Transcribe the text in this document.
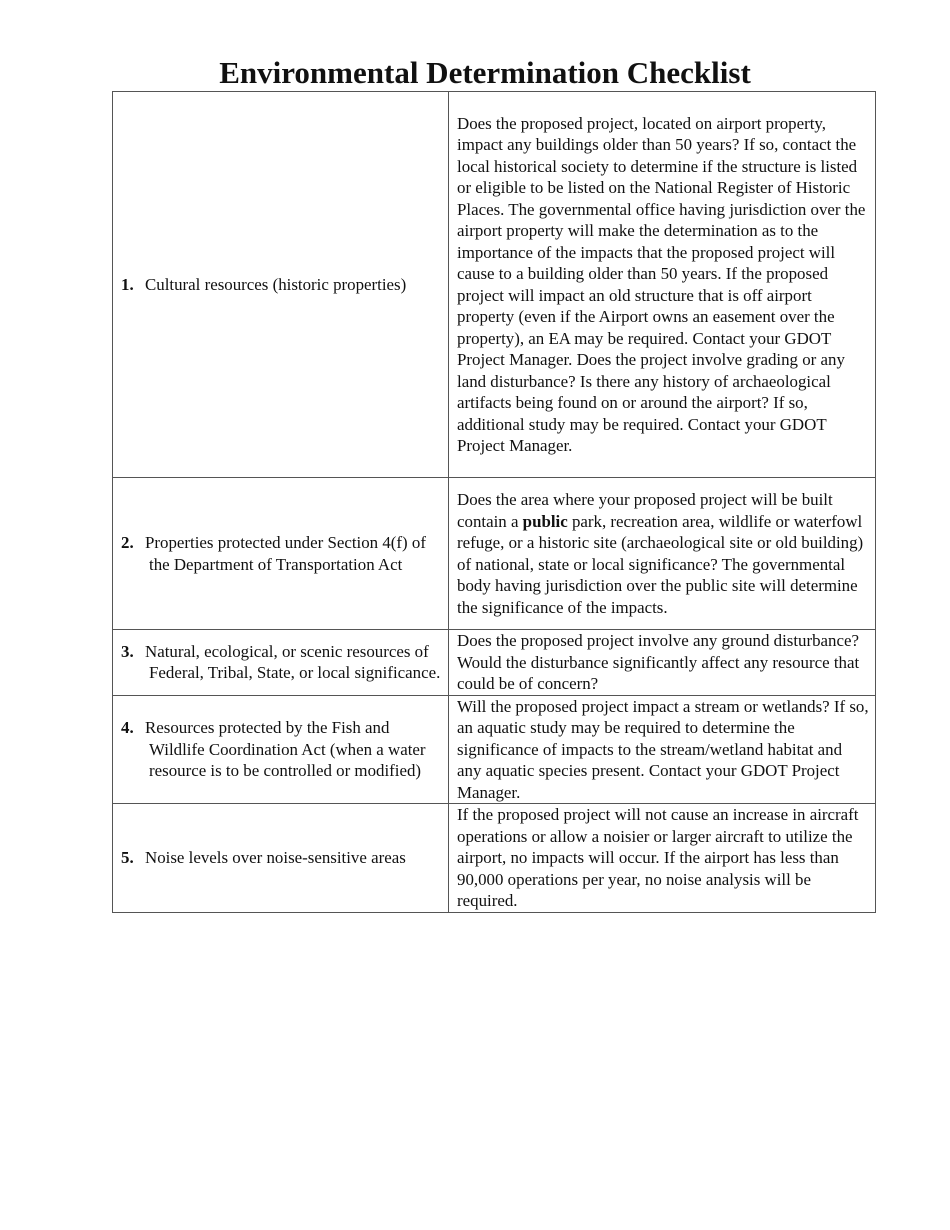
Environmental Determination Checklist
1. Cultural resources (historic properties)	Does the proposed project, located on airport property, impact any buildings older than 50 years? If so, contact the local historical society to determine if the structure is listed or eligible to be listed on the National Register of Historic Places. The governmental office having jurisdiction over the airport property will make the determination as to the importance of the impacts that the proposed project will cause to a building older than 50 years. If the proposed project will impact an old structure that is off airport property (even if the Airport owns an easement over the property), an EA may be required. Contact your GDOT Project Manager. Does the project involve grading or any land disturbance? Is there any history of archaeological artifacts being found on or around the airport? If so, additional study may be required. Contact your GDOT Project Manager.

2. Properties protected under Section 4(f) of the Department of Transportation Act	Does the area where your proposed project will be built contain a public park, recreation area, wildlife or waterfowl refuge, or a historic site (archaeological site or old building) of national, state or local significance? The governmental body having jurisdiction over the public site will determine the significance of the impacts.

3. Natural, ecological, or scenic resources of Federal, Tribal, State, or local significance.	Does the proposed project involve any ground disturbance? Would the disturbance significantly affect any resource that could be of concern?

4. Resources protected by the Fish and Wildlife Coordination Act (when a water resource is to be controlled or modified)	Will the proposed project impact a stream or wetlands? If so, an aquatic study may be required to determine the significance of impacts to the stream/wetland habitat and any aquatic species present. Contact your GDOT Project Manager.

5. Noise levels over noise-sensitive areas	If the proposed project will not cause an increase in aircraft operations or allow a noisier or larger aircraft to utilize the airport, no impacts will occur. If the airport has less than 90,000 operations per year, no noise analysis will be required.
